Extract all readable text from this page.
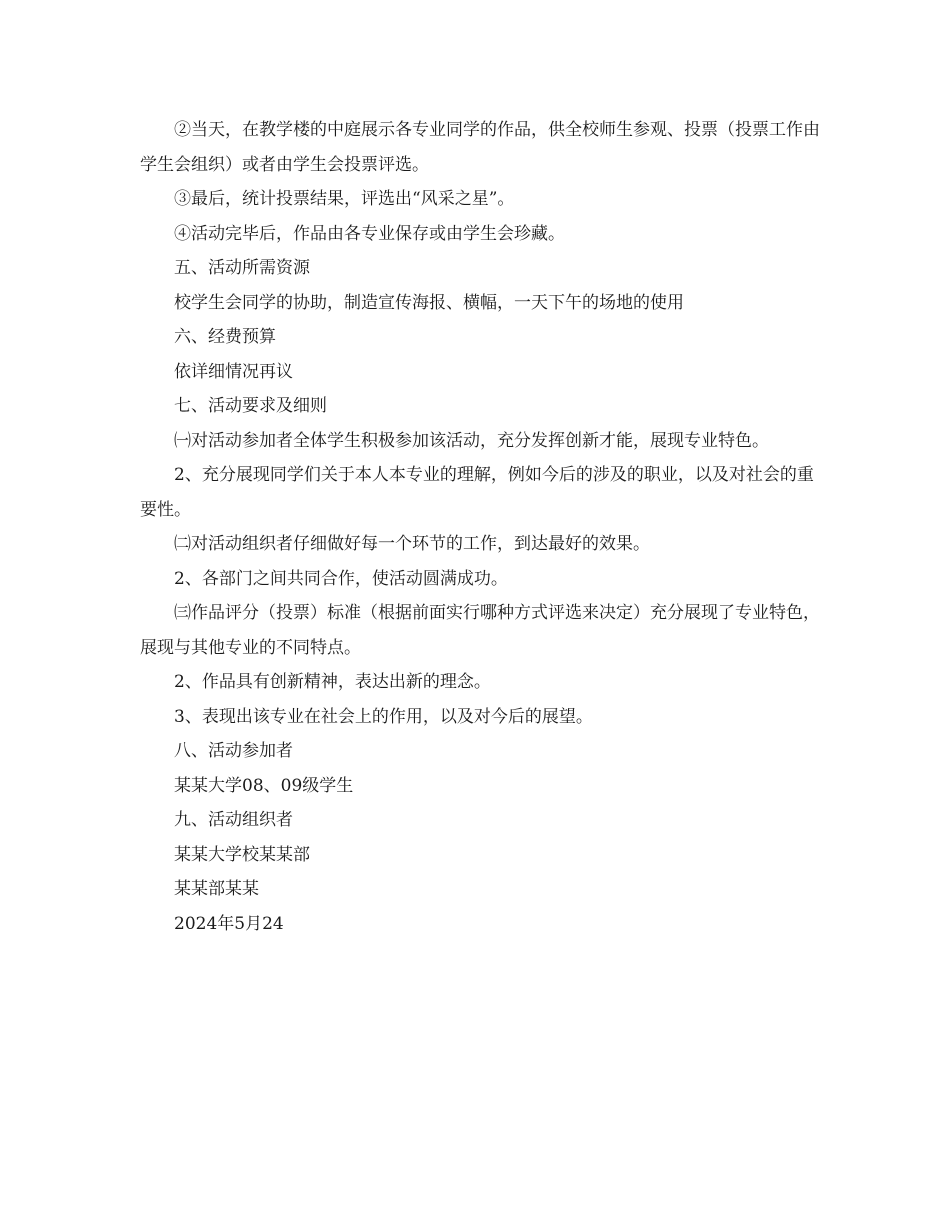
②当天，在教学楼的中庭展示各专业同学的作品，供全校师生参观、投票（投票工作由学生会组织）或者由学生会投票评选。

③最后，统计投票结果，评选出“风采之星”。

④活动完毕后，作品由各专业保存或由学生会珍藏。

五、活动所需资源

校学生会同学的协助，制造宣传海报、横幅，一天下午的场地的使用

六、经费预算

依详细情况再议

七、活动要求及细则

㈠对活动参加者全体学生积极参加该活动，充分发挥创新才能，展现专业特色。

2、充分展现同学们关于本人本专业的理解，例如今后的涉及的职业，以及对社会的重要性。

㈡对活动组织者仔细做好每一个环节的工作，到达最好的效果。

2、各部门之间共同合作，使活动圆满成功。

㈢作品评分（投票）标准（根据前面实行哪种方式评选来决定）充分展现了专业特色，展现与其他专业的不同特点。

2、作品具有创新精神，表达出新的理念。

3、表现出该专业在社会上的作用，以及对今后的展望。

八、活动参加者

某某大学08、09级学生

九、活动组织者

某某大学校某某部

某某部某某

2024年5月24
